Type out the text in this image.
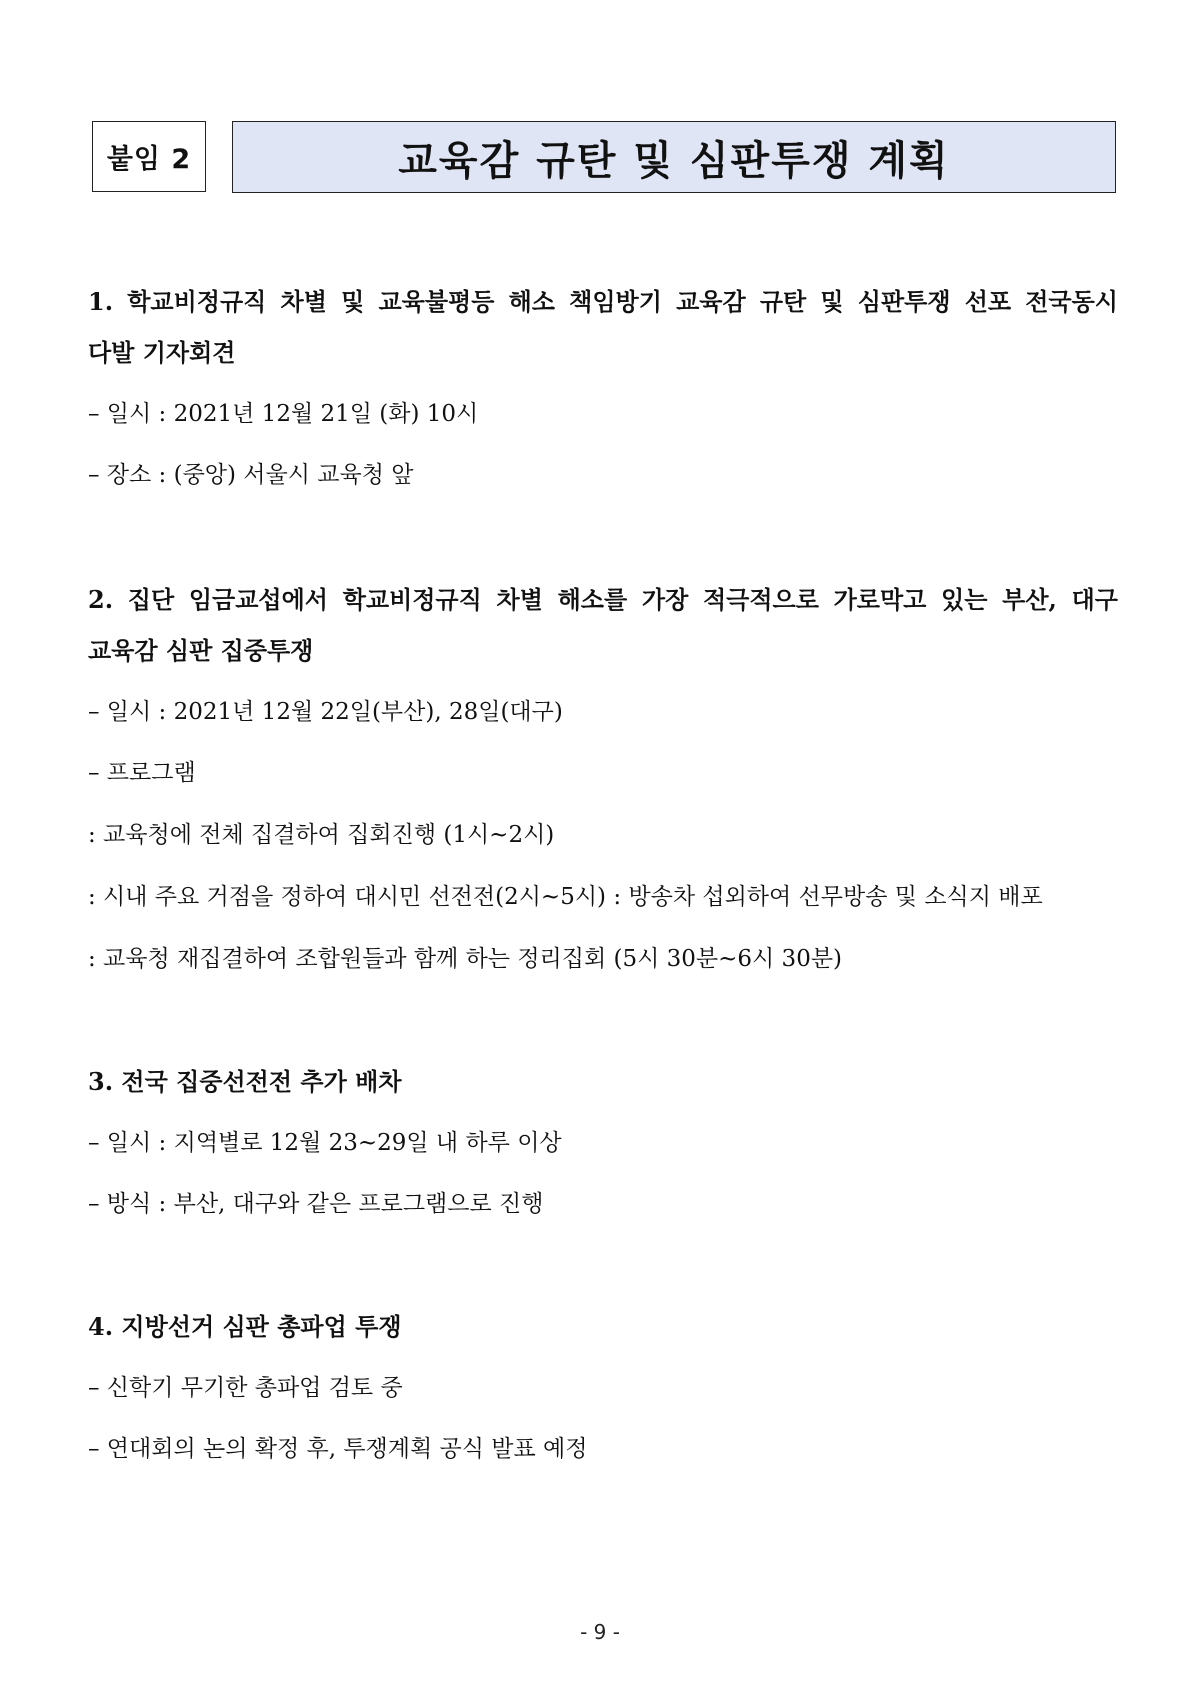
붙임 2	교육감 규탄 및 심판투쟁 계획
1. 학교비정규직 차별 및 교육불평등 해소 책임방기 교육감 규탄 및 심판투쟁 선포 전국동시
다발 기자회견
– 일시 : 2021년 12월 21일 (화) 10시
– 장소 : (중앙) 서울시 교육청 앞
2. 집단 임금교섭에서 학교비정규직 차별 해소를 가장 적극적으로 가로막고 있는 부산, 대구
교육감 심판 집중투쟁
– 일시 : 2021년 12월 22일(부산), 28일(대구)
– 프로그램
: 교육청에 전체 집결하여 집회진행 (1시~2시)
: 시내 주요 거점을 정하여 대시민 선전전(2시~5시) : 방송차 섭외하여 선무방송 및 소식지 배포
: 교육청 재집결하여 조합원들과 함께 하는 정리집회 (5시 30분~6시 30분)
3. 전국 집중선전전 추가 배차
– 일시 : 지역별로 12월 23~29일 내 하루 이상
– 방식 : 부산, 대구와 같은 프로그램으로 진행
4. 지방선거 심판 총파업 투쟁
– 신학기 무기한 총파업 검토 중
– 연대회의 논의 확정 후, 투쟁계획 공식 발표 예정
- 9 -
